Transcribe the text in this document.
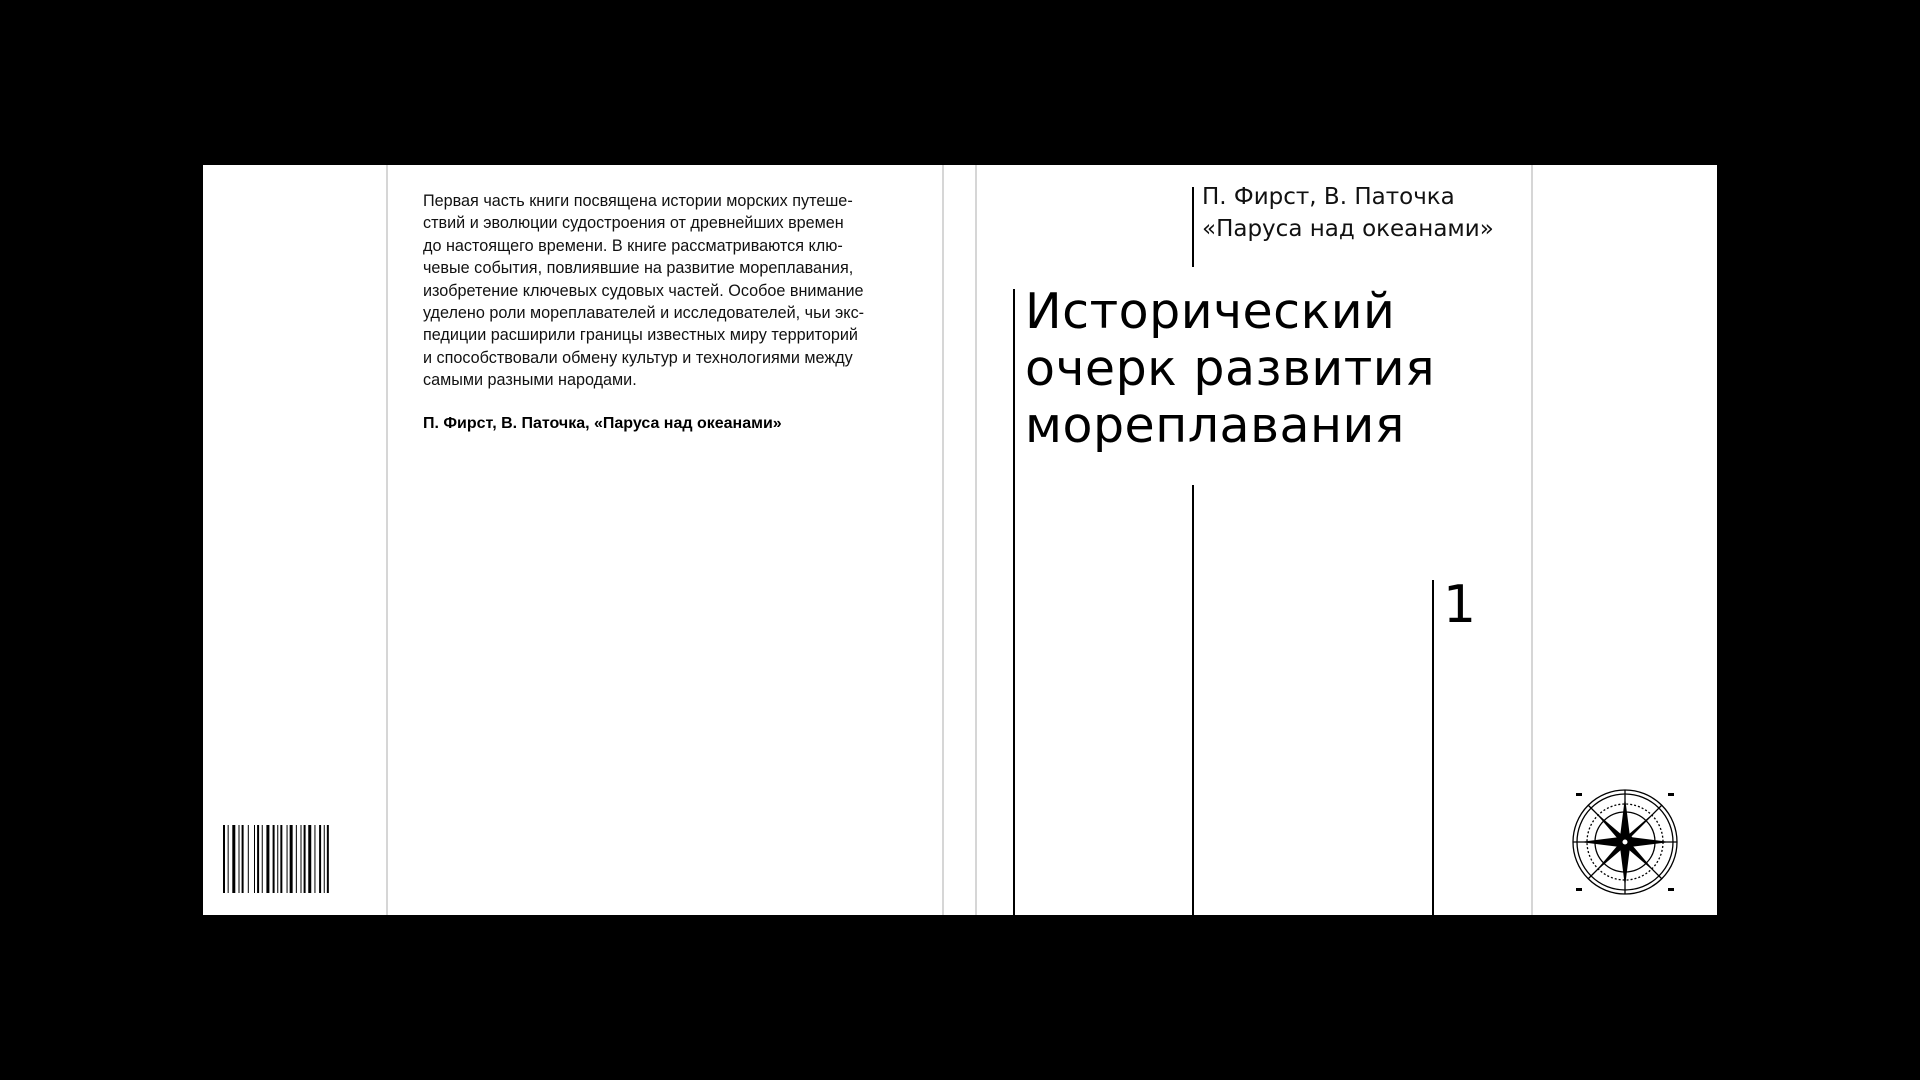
Первая часть книги посвящена истории морских путеше-
ствий и эволюции судостроения от древнейших времен
до настоящего времени. В книге рассматриваются клю-
чевые события, повлиявшие на развитие мореплавания,
изобретение ключевых судовых частей. Особое внимание
уделено роли мореплавателей и исследователей, чьи экс-
педиции расширили границы известных миру территорий
и способствовали обмену культур и технологиями между
самыми разными народами.
П. Фирст, В. Паточка, «Паруса над океанами»
П. Фирст, В. Паточка
«Паруса над океанами»
Исторический
очерк развития
мореплавания
1
